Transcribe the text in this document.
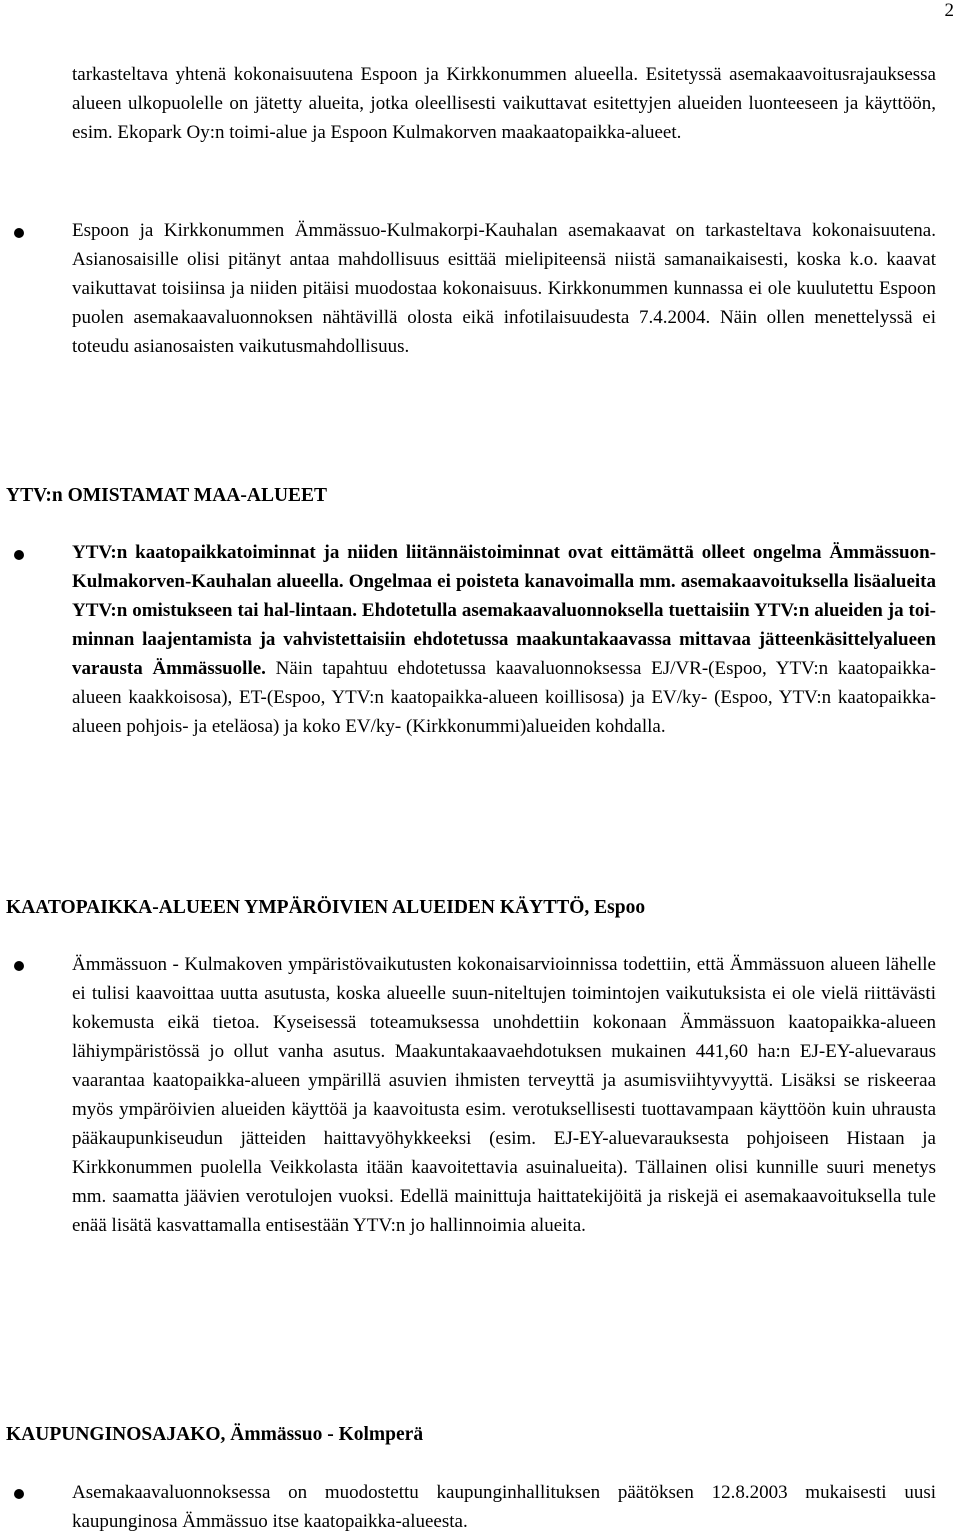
2
tarkasteltava yhtenä kokonaisuutena Espoon ja Kirkkonummen alueella. Esitetyssä asemakaavoitusrajauksessa alueen ulkopuolelle on jätetty alueita, jotka oleellisesti vaikuttavat esitettyjen alueiden luonteeseen ja käyttöön, esim. Ekopark Oy:n toimi-alue ja Espoon Kulmakorven maakaatopaikka-alueet.
Espoon ja Kirkkonummen Ämmässuo-Kulmakorpi-Kauhalan asemakaavat on tarkasteltava kokonaisuutena. Asianosaisille olisi pitänyt antaa mahdollisuus esittää mielipiteensä niistä samanaikaisesti, koska k.o. kaavat vaikuttavat toisiinsa ja niiden pitäisi muodostaa kokonaisuus. Kirkkonummen kunnassa ei ole kuulutettu Espoon puolen asemakaavaluonnoksen nähtävillä olosta eikä infotilaisuudesta 7.4.2004. Näin ollen menettelyssä ei toteudu asianosaisten vaikutusmahdollisuus.
YTV:n OMISTAMAT MAA-ALUEET
YTV:n kaatopaikkatoiminnat ja niiden liitännäistoiminnat ovat eittämättä olleet ongelma Ämmässuon-Kulmakorven-Kauhalan alueella. Ongelmaa ei poisteta kanavoimalla mm. asemakaavoituksella lisäalueita YTV:n omistukseen tai hal-lintaan. Ehdotetulla asemakaavaluonnoksella tuettaisiin YTV:n alueiden ja toi-minnan laajentamista ja vahvistettaisiin ehdotetussa maakuntakaavassa mittavaa jätteenkäsittelyalueen varausta Ämmässuolle. Näin tapahtuu ehdotetussa kaavaluonnoksessa EJ/VR-(Espoo, YTV:n kaatopaikka-alueen kaakkoisosa), ET-(Espoo, YTV:n kaatopaikka-alueen koillisosa) ja EV/ky- (Espoo, YTV:n kaatopaikka-alueen pohjois- ja eteläosa) ja koko EV/ky- (Kirkkonummi)alueiden kohdalla.
KAATOPAIKKA-ALUEEN YMPÄRÖIVIEN ALUEIDEN KÄYTTÖ, Espoo
Ämmässuon - Kulmakoven ympäristövaikutusten kokonaisarvioinnissa todettiin, että Ämmässuon alueen lähelle ei tulisi kaavoittaa uutta asutusta, koska alueelle suun-niteltujen toimintojen vaikutuksista ei ole vielä riittävästi kokemusta eikä tietoa. Kyseisessä toteamuksessa unohdettiin kokonaan Ämmässuon kaatopaikka-alueen lähiympäristössä jo ollut vanha asutus. Maakuntakaavaehdotuksen mukainen 441,60 ha:n EJ-EY-aluevaraus vaarantaa kaatopaikka-alueen ympärillä asuvien ihmisten terveyttä ja asumisviihtyvyyttä. Lisäksi se riskeeraa myös ympäröivien alueiden käyttöä ja kaavoitusta esim. verotuksellisesti tuottavampaan käyttöön kuin uhrausta pääkaupunkiseudun jätteiden haittavyöhykkeeksi (esim. EJ-EY-aluevarauksesta pohjoiseen Histaan ja Kirkkonummen puolella Veikkolasta itään kaavoitettavia asuinalueita). Tällainen olisi kunnille suuri menetys mm. saamatta jäävien verotulojen vuoksi. Edellä mainittuja haittatekijöitä ja riskejä ei asemakaavoituksella tule enää lisätä kasvattamalla entisestään YTV:n jo hallinnoimia alueita.
KAUPUNGINOSAJAKO, Ämmässuo - Kolmperä
Asemakaavaluonnoksessa on muodostettu kaupunginhallituksen päätöksen 12.8.2003 mukaisesti uusi kaupunginosa Ämmässuo itse kaatopaikka-alueesta.
